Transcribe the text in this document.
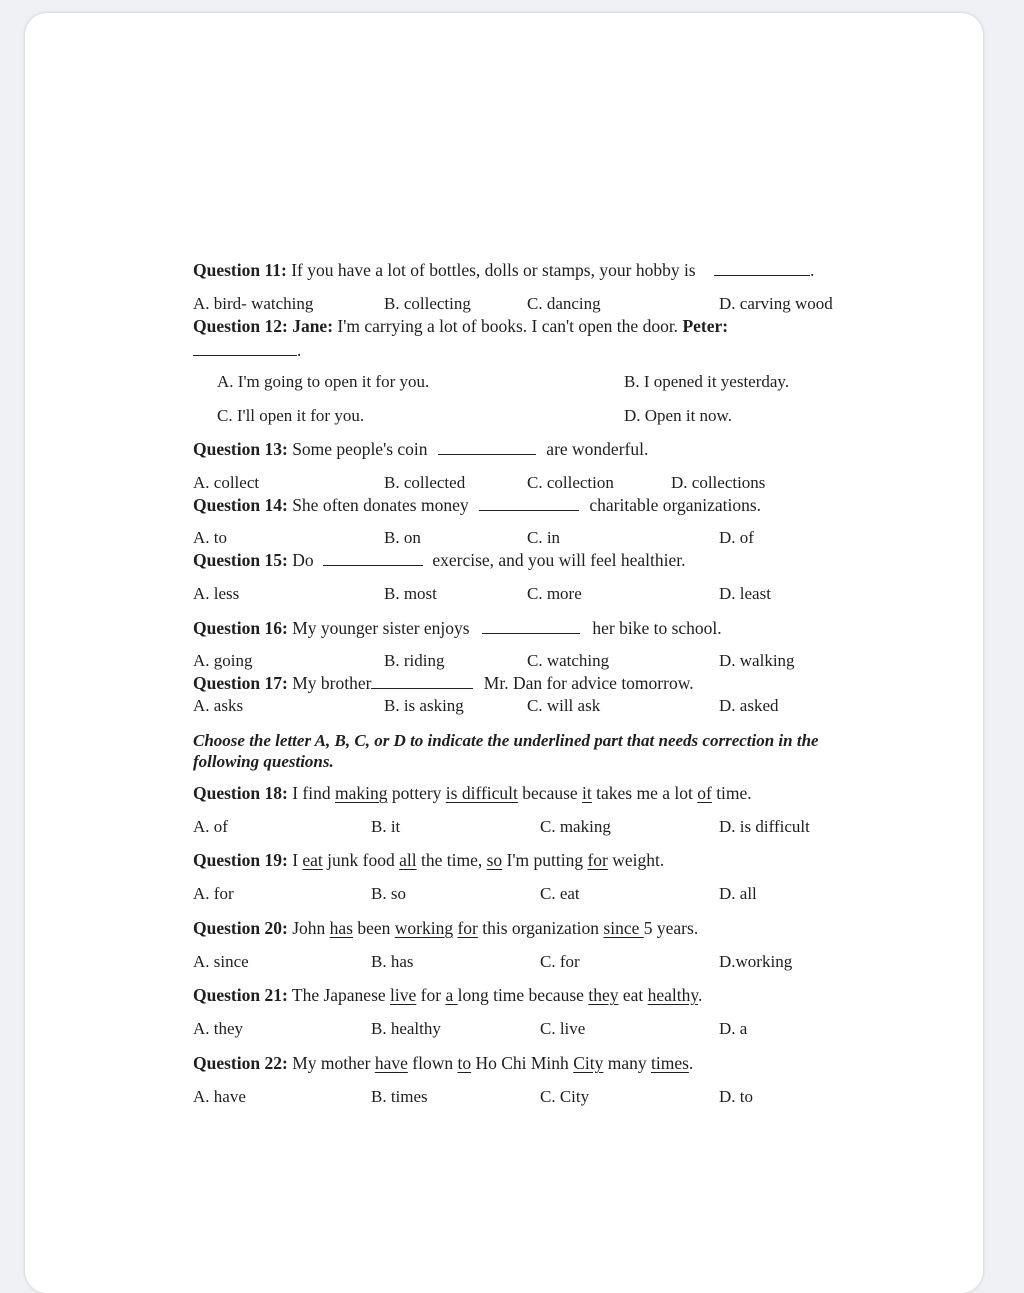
Question 11: If you have a lot of bottles, dolls or stamps, your hobby is	.
A. bird- watching	B. collecting	C. dancing	D. carving wood
Question 12: Jane: I'm carrying a lot of books. I can't open the door. Peter:
.
A. I'm going to open it for you.	B. I opened it yesterday.
C. I'll open it for you.	D. Open it now.
Question 13: Some people's coin	are wonderful.
A. collect	B. collected	C. collection	D. collections
Question 14: She often donates money	charitable organizations.
A. to	B. on	C. in	D. of
Question 15: Do	exercise, and you will feel healthier.
A. less	B. most	C. more	D. least
Question 16: My younger sister enjoys	her bike to school.
A. going	B. riding	C. watching	D. walking
Question 17: My brother	Mr. Dan for advice tomorrow.
A. asks	B. is asking	C. will ask	D. asked
Choose the letter A, B, C, or D to indicate the underlined part that needs correction in the following questions.
Question 18: I find making pottery is difficult because it takes me a lot of time.
A. of	B. it	C. making	D. is difficult
Question 19: I eat junk food all the time, so I'm putting for weight.
A. for	B. so	C. eat	D. all
Question 20: John has been working for this organization since 5 years.
A. since	B. has	C. for	D.working
Question 21: The Japanese live for a long time because they eat healthy.
A. they	B. healthy	C. live	D. a
Question 22: My mother have flown to Ho Chi Minh City many times.
A. have	B. times	C. City	D. to
